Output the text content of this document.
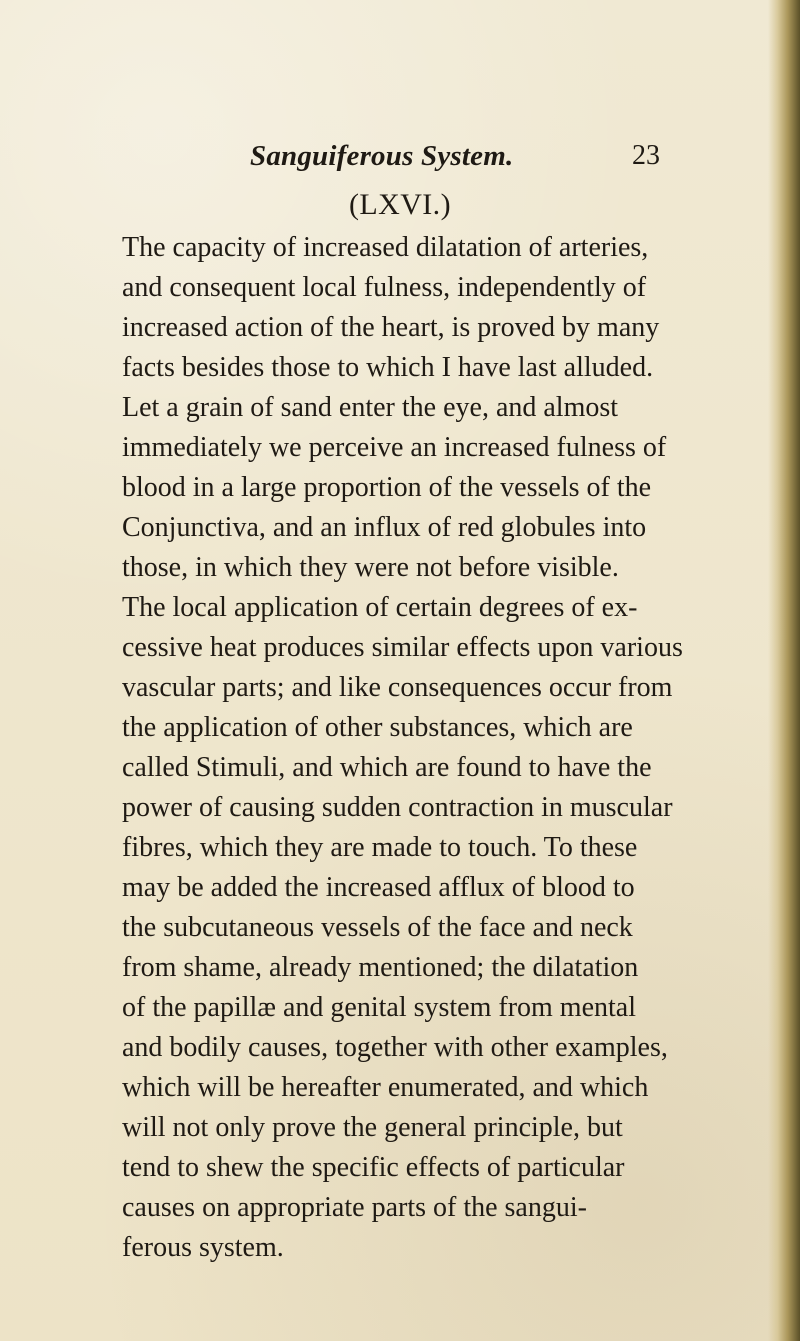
Sanguiferous System.	23
(LXVI.)
The capacity of increased dilatation of arteries,
and consequent local fulness, independently of
increased action of the heart, is proved by many
facts besides those to which I have last alluded.
Let a grain of sand enter the eye, and almost
immediately we perceive an increased fulness of
blood in a large proportion of the vessels of the
Conjunctiva, and an influx of red globules into
those, in which they were not before visible.
The local application of certain degrees of ex-
cessive heat produces similar effects upon various
vascular parts; and like consequences occur from
the application of other substances, which are
called Stimuli, and which are found to have the
power of causing sudden contraction in muscular
fibres, which they are made to touch. To these
may be added the increased afflux of blood to
the subcutaneous vessels of the face and neck
from shame, already mentioned; the dilatation
of the papillæ and genital system from mental
and bodily causes, together with other examples,
which will be hereafter enumerated, and which
will not only prove the general principle, but
tend to shew the specific effects of particular
causes on appropriate parts of the sangui-
ferous system.
